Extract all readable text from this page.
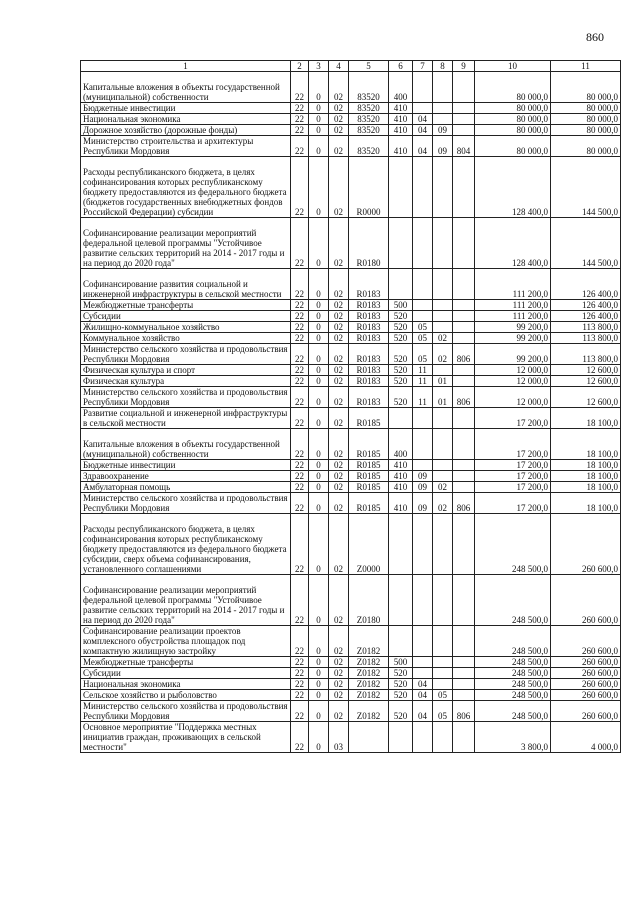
860
1	2	3	4	5	6	7	8	9	10	11
Капитальные вложения в объекты государственной (муниципальной) собственности	22	0	02	83520	400				80 000,0	80 000,0
Бюджетные инвестиции	22	0	02	83520	410				80 000,0	80 000,0
Национальная экономика	22	0	02	83520	410	04			80 000,0	80 000,0
Дорожное хозяйство (дорожные фонды)	22	0	02	83520	410	04	09		80 000,0	80 000,0
Министерство строительства и архитектуры Республики Мордовия	22	0	02	83520	410	04	09	804	80 000,0	80 000,0
Расходы республиканского бюджета, в целях софинансирования которых республиканскому бюджету предоставляются из федерального бюджета (бюджетов государственных внебюджетных фондов Российской Федерации) субсидии	22	0	02	R0000					128 400,0	144 500,0
Софинансирование реализации мероприятий федеральной целевой программы "Устойчивое развитие сельских территорий на 2014 - 2017 годы и на период до 2020 года"	22	0	02	R0180					128 400,0	144 500,0
Софинансирование развития социальной и инженерной инфраструктуры в сельской местности	22	0	02	R0183					111 200,0	126 400,0
Межбюджетные трансферты	22	0	02	R0183	500				111 200,0	126 400,0
Субсидии	22	0	02	R0183	520				111 200,0	126 400,0
Жилищно-коммунальное хозяйство	22	0	02	R0183	520	05			99 200,0	113 800,0
Коммунальное хозяйство	22	0	02	R0183	520	05	02		99 200,0	113 800,0
Министерство сельского хозяйства и продовольствия Республики Мордовия	22	0	02	R0183	520	05	02	806	99 200,0	113 800,0
Физическая культура и спорт	22	0	02	R0183	520	11			12 000,0	12 600,0
Физическая культура	22	0	02	R0183	520	11	01		12 000,0	12 600,0
Министерство сельского хозяйства и продовольствия Республики Мордовия	22	0	02	R0183	520	11	01	806	12 000,0	12 600,0
Развитие социальной и инженерной инфраструктуры в сельской местности	22	0	02	R0185					17 200,0	18 100,0
Капитальные вложения в объекты государственной (муниципальной) собственности	22	0	02	R0185	400				17 200,0	18 100,0
Бюджетные инвестиции	22	0	02	R0185	410				17 200,0	18 100,0
Здравоохранение	22	0	02	R0185	410	09			17 200,0	18 100,0
Амбулаторная помощь	22	0	02	R0185	410	09	02		17 200,0	18 100,0
Министерство сельского хозяйства и продовольствия Республики Мордовия	22	0	02	R0185	410	09	02	806	17 200,0	18 100,0
Расходы республиканского бюджета, в целях софинансирования которых республиканскому бюджету предоставляются из федерального бюджета субсидии, сверх объема софинансирования, установленного соглашениями	22	0	02	Z0000					248 500,0	260 600,0
Софинансирование реализации мероприятий федеральной целевой программы "Устойчивое развитие сельских территорий на 2014 - 2017 годы и на период до 2020 года"	22	0	02	Z0180					248 500,0	260 600,0
Софинансирование реализации проектов комплексного обустройства площадок под компактную жилищную застройку	22	0	02	Z0182					248 500,0	260 600,0
Межбюджетные трансферты	22	0	02	Z0182	500				248 500,0	260 600,0
Субсидии	22	0	02	Z0182	520				248 500,0	260 600,0
Национальная экономика	22	0	02	Z0182	520	04			248 500,0	260 600,0
Сельское хозяйство и рыболовство	22	0	02	Z0182	520	04	05		248 500,0	260 600,0
Министерство сельского хозяйства и продовольствия Республики Мордовия	22	0	02	Z0182	520	04	05	806	248 500,0	260 600,0
Основное мероприятие "Поддержка местных инициатив граждан, проживающих в сельской местности"	22	0	03						3 800,0	4 000,0
